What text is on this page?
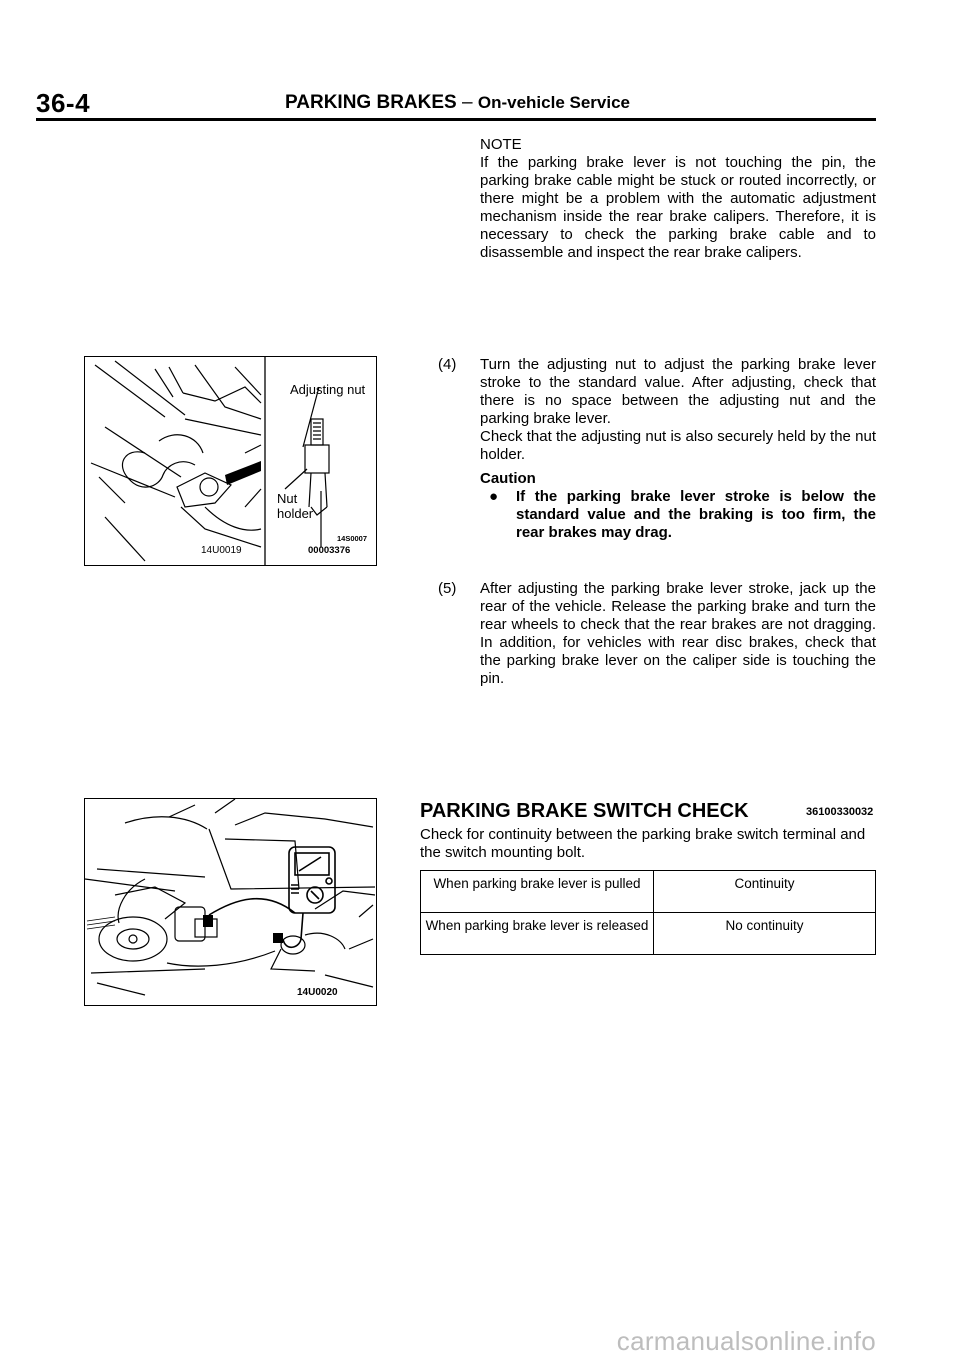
36-4	PARKING BRAKES – On-vehicle Service
NOTE
If the parking brake lever is not touching the pin, the parking brake cable might be stuck or routed incorrectly, or there might be a problem with the automatic adjustment mechanism inside the rear brake calipers. Therefore, it is necessary to check the parking brake cable and to disassemble and inspect the rear brake calipers.
(4)	Turn the adjusting nut to adjust the parking brake lever stroke to the standard value. After adjusting, check that there is no space between the adjusting nut and the parking brake lever.
Check that the adjusting nut is also securely held by the nut holder.
Caution
● If the parking brake lever stroke is below the standard value and the braking is too firm, the rear brakes may drag.
(5)	After adjusting the parking brake lever stroke, jack up the rear of the vehicle. Release the parking brake and turn the rear wheels to check that the rear brakes are not dragging. In addition, for vehicles with rear disc brakes, check that the parking brake lever on the caliper side is touching the pin.
Adjusting nut
Nut
holder
14S0007
00003376
14U0019
14U0020
PARKING BRAKE SWITCH CHECK	36100330032
Check for continuity between the parking brake switch terminal and the switch mounting bolt.
When parking brake lever is pulled	Continuity
When parking brake lever is released	No continuity
carmanualsonline.info
